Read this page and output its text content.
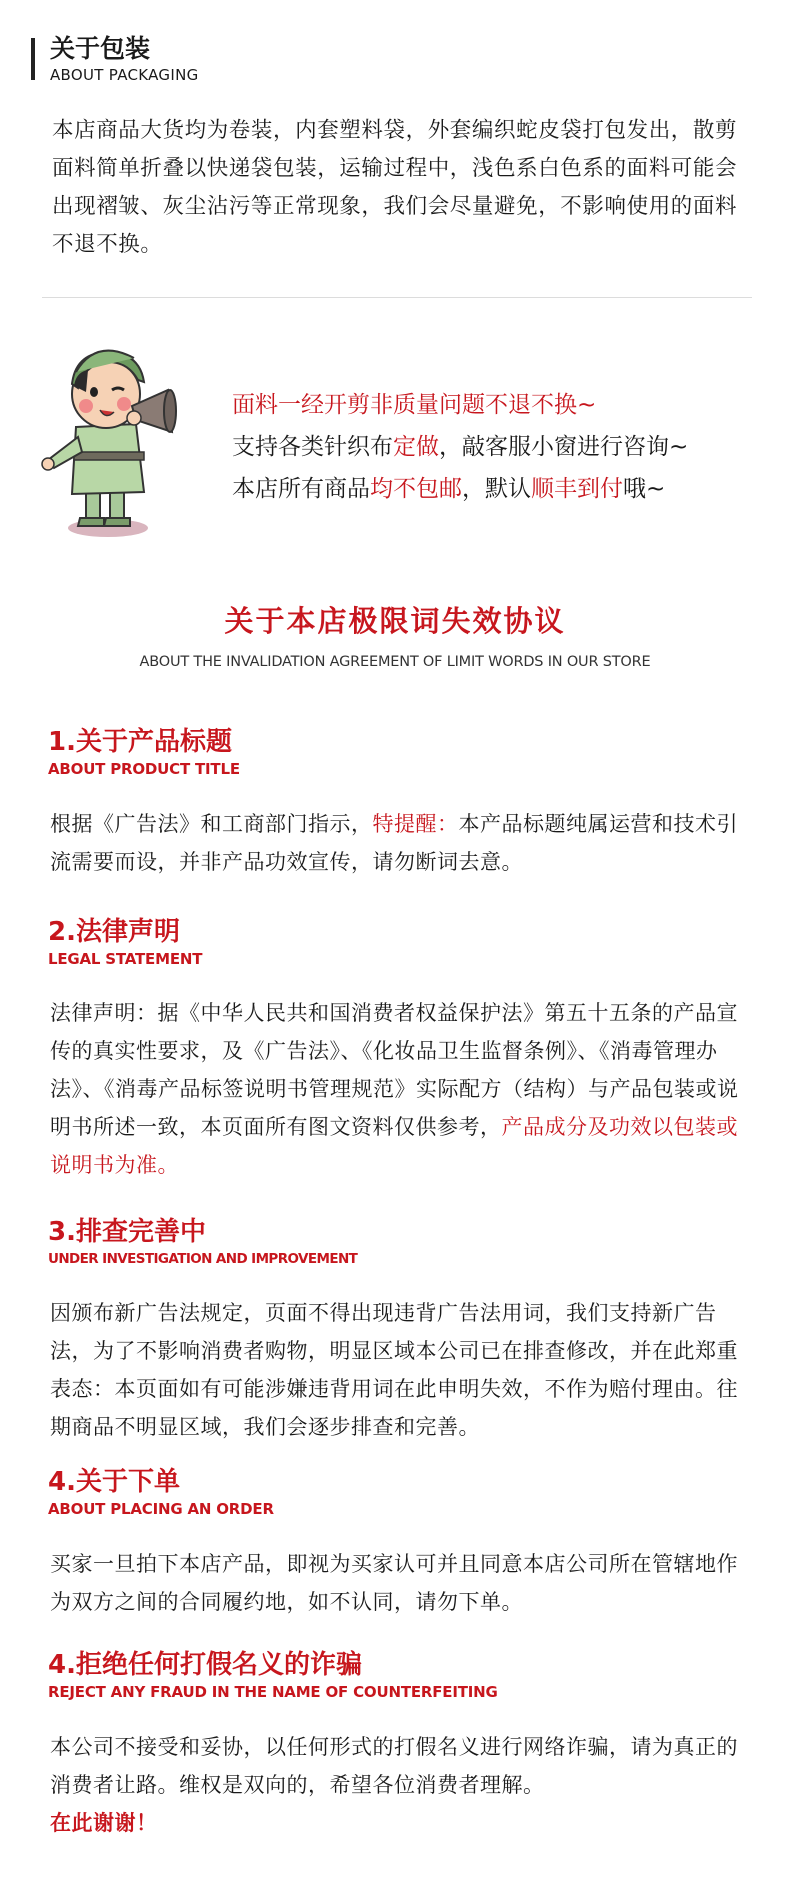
关于包装
ABOUT PACKAGING
本店商品大货均为卷装，内套塑料袋，外套编织蛇皮袋打包发出，散剪面料简单折叠以快递袋包装，运输过程中，浅色系白色系的面料可能会出现褶皱、灰尘沾污等正常现象，我们会尽量避免，不影响使用的面料不退不换。
面料一经开剪非质量问题不退不换~
支持各类针织布定做，敲客服小窗进行咨询~
本店所有商品均不包邮，默认顺丰到付哦~
关于本店极限词失效协议
ABOUT THE INVALIDATION AGREEMENT OF LIMIT WORDS IN OUR STORE
1.关于产品标题
ABOUT PRODUCT TITLE
根据《广告法》和工商部门指示，特提醒：本产品标题纯属运营和技术引流需要而设，并非产品功效宣传，请勿断词去意。
2.法律声明
LEGAL STATEMENT
法律声明：据《中华人民共和国消费者权益保护法》第五十五条的产品宣传的真实性要求，及《广告法》、《化妆品卫生监督条例》、《消毒管理办法》、《消毒产品标签说明书管理规范》实际配方（结构）与产品包装或说明书所述一致，本页面所有图文资料仅供参考，产品成分及功效以包装或说明书为准。
3.排查完善中
UNDER INVESTIGATION AND IMPROVEMENT
因颁布新广告法规定，页面不得出现违背广告法用词，我们支持新广告法，为了不影响消费者购物，明显区域本公司已在排查修改，并在此郑重表态：本页面如有可能涉嫌违背用词在此申明失效，不作为赔付理由。往期商品不明显区域，我们会逐步排查和完善。
4.关于下单
ABOUT PLACING AN ORDER
买家一旦拍下本店产品，即视为买家认可并且同意本店公司所在管辖地作为双方之间的合同履约地，如不认同，请勿下单。
4.拒绝任何打假名义的诈骗
REJECT ANY FRAUD IN THE NAME OF COUNTERFEITING
本公司不接受和妥协，以任何形式的打假名义进行网络诈骗，请为真正的消费者让路。维权是双向的，希望各位消费者理解。
在此谢谢！
